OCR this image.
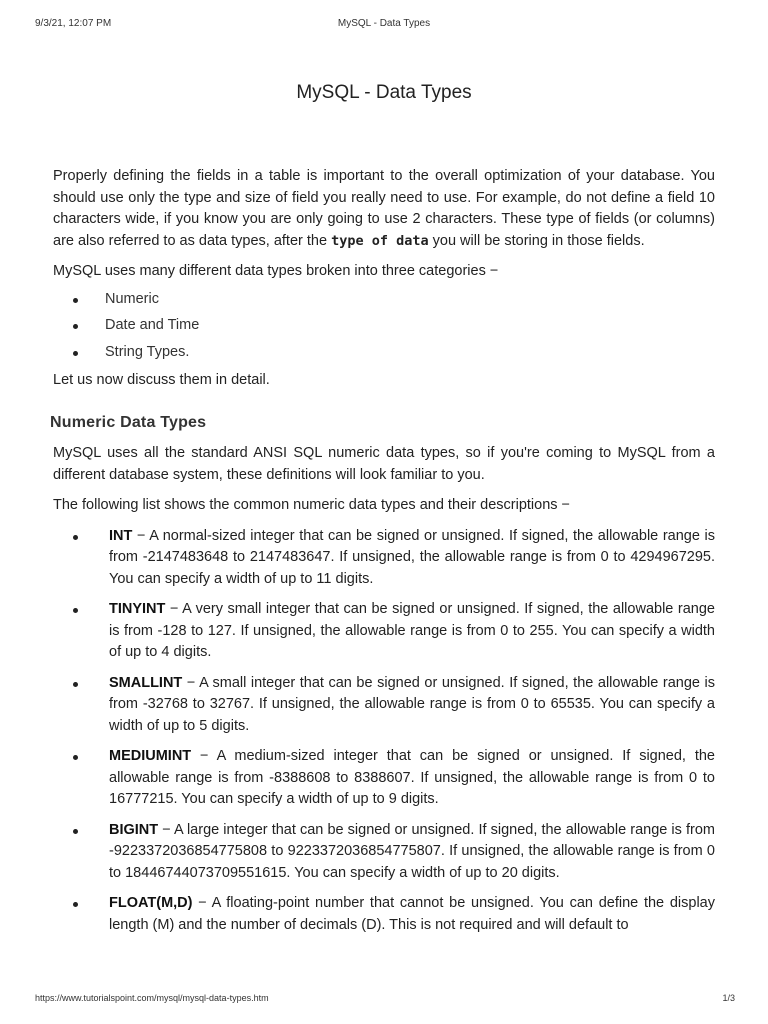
9/3/21, 12:07 PM	MySQL - Data Types
MySQL - Data Types

Properly defining the fields in a table is important to the overall optimization of your database. You should use only the type and size of field you really need to use. For example, do not define a field 10 characters wide, if you know you are only going to use 2 characters. These type of fields (or columns) are also referred to as data types, after the type of data you will be storing in those fields.

MySQL uses many different data types broken into three categories −

Numeric
Date and Time
String Types.

Let us now discuss them in detail.

Numeric Data Types

MySQL uses all the standard ANSI SQL numeric data types, so if you're coming to MySQL from a different database system, these definitions will look familiar to you.

The following list shows the common numeric data types and their descriptions −

INT − A normal-sized integer that can be signed or unsigned. If signed, the allowable range is from -2147483648 to 2147483647. If unsigned, the allowable range is from 0 to 4294967295. You can specify a width of up to 11 digits.
TINYINT − A very small integer that can be signed or unsigned. If signed, the allowable range is from -128 to 127. If unsigned, the allowable range is from 0 to 255. You can specify a width of up to 4 digits.
SMALLINT − A small integer that can be signed or unsigned. If signed, the allowable range is from -32768 to 32767. If unsigned, the allowable range is from 0 to 65535. You can specify a width of up to 5 digits.
MEDIUMINT − A medium-sized integer that can be signed or unsigned. If signed, the allowable range is from -8388608 to 8388607. If unsigned, the allowable range is from 0 to 16777215. You can specify a width of up to 9 digits.
BIGINT − A large integer that can be signed or unsigned. If signed, the allowable range is from -9223372036854775808 to 9223372036854775807. If unsigned, the allowable range is from 0 to 18446744073709551615. You can specify a width of up to 20 digits.
FLOAT(M,D) − A floating-point number that cannot be unsigned. You can define the display length (M) and the number of decimals (D). This is not required and will default to
https://www.tutorialspoint.com/mysql/mysql-data-types.htm	1/3
